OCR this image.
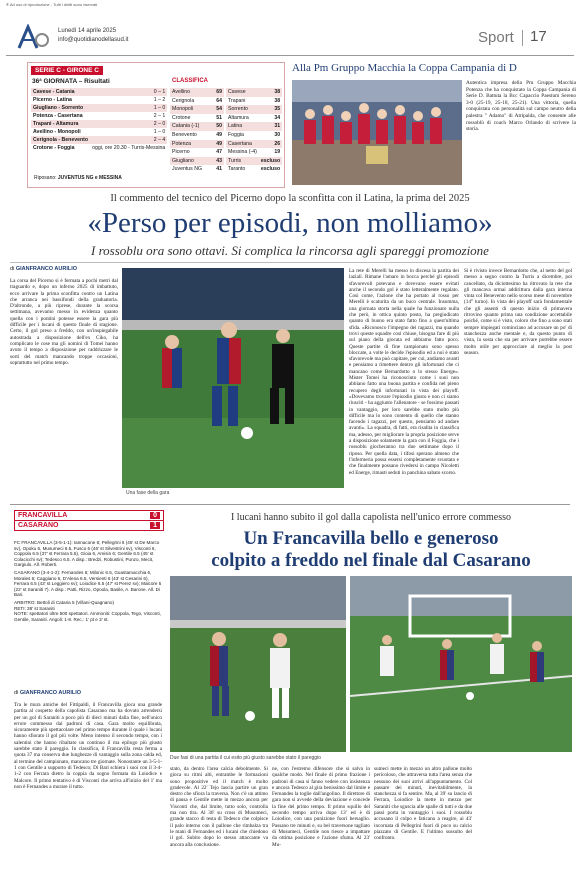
® Ad uso di riproduzione - Tutti i diritti sono riservati
Lunedì 14 aprile 2025
info@quotidianodellasud.it	Sport 17
SERIE C - GIRONE C
36ª GIORNATA – Risultati
Cavese - Catania	0 – 1
Picerno - Latina	1 – 2
Giugliano - Sorrento	1 – 0
Potenza - Casertana	2 – 1
Trapani - Altamura	2 – 0
Avellino - Monopoli	1 – 0
Cerignola - Benevento	2 – 4
Crotone - Foggia	oggi, ore 20.30 - Turris-Messina
Riposano: JUVENTUS NG e MESSINA
CLASSIFICA
Avellino	69
Cerignola	64
Monopoli	54
Crotone	51
Catania (-1)	50
Benevento	49
Potenza	49
Picerno	47
Giugliano	43
Juventus NG	41
Cavese	38
Trapani	38
Sorrento	35
Altamura	34
Latina	31
Foggia	30
Casertana	26
Messina (-4)	19
Turris	escluso
Taranto	escluso
Alla Pm Gruppo Macchia la Coppa Campania di D
Autentica impresa della Pm Gruppo Macchia Potenza che ha conquistato la Coppa Campania di Serie D. Battuta la Bcc Capaccio Paestum Sereno 3-0 (25-19, 25-18, 25-21). Una vittoria, quella conquistata con personalità sul campo neutro della palestra " Adamo" di Atripalda, che consente alle rossoblù di coach Marco Orlando di scrivere la storia.
Il commento del tecnico del Picerno dopo la sconfitta con il Latina, la prima del 2025
«Perso per episodi, non molliamo»
I rossoblu ora sono ottavi. Si complica la rincorsa agli spareggi promozione
di GIANFRANCO AURILIO
La corsa del Picerno si è fermata a pochi metri dal traguardo e, dopo un inferno 2025 di imbattuto, ecco arrivare la prima sconfitta contro un Latina che arranca nei bassifondi della graduatoria. D'altronde, a più riprese, durante la scorsa settimana, avevamo messo in evidenza quanto quella con i pontini potesse essere la gara più difficile per i lucani di questo finale di stagione. Certo, il gol preso a freddo, con un'inspiegabile autostrada a disposizione dell'ex Ciko, ha complicato le cose ma gli uomini di Tomei hanno avuto il tempo a disposizione per raddrizzare le sorti del match mancando troppe occasioni, soprattutto nel primo tempo.
Una fase della gara
La rete di Merelli ha messo in discesa la partita dei laziali. Rimane l'amaro in bocca perché gli episodi sfavorevoli potevano e dovevano essere evitati anche il secondo gol è stato letteralmente regalato. Così come, l'azione che ha portato al rosso per Merelli è scaturita da un buco centrale. Insomma, una giornata storta nella quale ha funzionato nulla che però, in ottica quinto posto, ha pregiudicato quanto di buono era stato fatto fino a quest'ultima sfida. «Riconosco l'impegno dei ragazzi, ma quando trovi queste squadre così chiuse, bisogna fare di più sul piano della giocata ed abbiamo fatto poco. Queste partite di fine campionato sono spesso bloccate, a volte le decide l'episodio ed a noi è stato sfavorevole ma può capitare, per cui, andiamo avanti e pensiamo a rimettere dentro gli infortunati che ci mancano come Bernardotto o lo stesso Energe». Mister Tomei ha riconosciuto come i suoi non abbiano fatto una buona partita e confida nel pieno recupero degli infortunati in vista dei playoff. «Dovevamo trovare l'episodio giusto e non ci siamo riusciti - ha aggiunto l'allenatore - se fossimo passati in vantaggio, per loro sarebbe stato molto più difficile ma lo sono contento di quello che stanno facendo i ragazzi, per questo, pensiamo ad andare avanti». La squadra, di fatti, era risalita in classifica ma, adesso, per migliorare la propria posizione serve a disposizione solamente la gara con il Foggia, che i rossoblu giocheranno tra due settimane dopo il riposo. Per quella data, i tifosi sperano almeno che l'infermeria possa essersi completamente svuotata e che finalmente possano rivedersi in campo Nicoletti ed Energe, rimasti seduti in panchina sabato scorso.
Sì è rivisto invece Bernardotto che, al netto del gol messo a segno contro la Turris a dicembre, poi cancellato, da diciottesimo ha ritrovato la rete che gli mancava ormai addirittura dalla gara interna vinta col Benevento nello scorso mese di novembre (14° turno). In vista dei playoff sarà fondamentale che gli assenti di questo inizio di primavera ritrovino quanto prima una condizione accettabile poiché, come si è visto, coloro che fino a sono stati sempre impiegati cominciano ad accusare un po' di stanchezza anche mentale e, da questo punto di vista, la sosta che sta per arrivare potrebbe essere molto utile per approcciare al meglio la post season.
FRANCAVILLA	0
CASARANO	1
I lucani hanno subito il gol dalla capolista nell'unico errore commesso
Un Francavilla bello e generoso
colpito a freddo nel finale dal Casarano
FC FRANCAVILLA (3-5-1-1): Iannacone 6; Pellegrini 6 (45' st De Marco sv), Opoku 6, Musumeci 6.5, Fusco 6 (46' st Silvestrini sv), Visconti 6, Coppola 6.5 (37' st Ferrara 5.5), Gioia 6, Amisin 6; Gentile 6.5 (45' st Colacicchi sv); Tedesco 6.5. A disp.: Bredzi, Robustini, Punzo, Mecit, Gargiulo. All. Roberti.
CASARANO (3-4-1-2): Fernandes 6; Milonic 6.5, Guastamacchia 6, Morales 6; Caggiano 6, D'Alena 6.5, Versienti 6 (43' st Cesarini 6), Ferrara 6.5 (43' st Leggiero sv); Loiodice 6.5 (47' st Perez sv); Malcore 5 (22' st Saraniti 7). A disp.: Patti, Rizzo, Opoola, Basile, A. Barone. All. Di Bari.
ARBITRO: Bettoli di Cataria 5 (Villani-Quagnano)
RETI: 38' st Saraniti
NOTE: spettatori oltre 500 spettatori. Ammoniti: Coppola, Tego, Visconti, Gentile, Saraniti. Angoli: 1-8. Rec.: 1' pt e 3' st.
di GIANFRANCO AURILIO
Tra le mura amiche del Fittipaldi, il Francavilla gioca una grande partita al cospetto della capolista Casarano ma ha dovuto arrendersi per un gol di Saraniti a poco più di dieci minuti dalla fine, nell'unico errore commesso dai padroni di casa. Gara molto equilibrata, sicuramente più spettacolare nel primo tempo durante il quale i lucani hanno sfiorato il gol più volte. Meno intenso il secondo tempo, con i salentini che hanno ribaltato un continuo il ma epilogo più giusto sarebbe stato il pareggio. In classifica, il Francavilla resta ferma a quota 37 ma conserva due lunghezze di vantaggio sulla zona calda ed, al termine del campionato, mancano tre giornate. Nonostante un 3-5-1-1 con Gentile a supporto di Tedesco; Di Bari schiera i suoi con il 3-4-1-2 con Ferrara dietro la coppia da sogno formata da Loiodice e Malcore. Il primo tentativo è di Visconti che arriva all'inizio del 1' ma non è Fernandes a murare il tutto.
Due fasi di una partita il cui esito più giusto sarebbe stato il pareggio
stato, da dentro l'area calcia debolmente. Si gioca su ritmi alti, entrambe le formazioni sono propositive ed il match è molto gradevole. Al 22' Tejo lascia partire un gran destro che sfiora la traversa. Non c'è un attimo di pausa e Gentile mette in mezzo ancora per Visconti che, dal limite, tutto solo, controlla ma non tira. Al 36' su cross di Musumeci, grande stacco di testa di Tedesco che colpisce il palo interno con il pallone che rimbalza tra le mani di Fernandes ed i lucani che chiedono il gol. Subito dopo lo stesso attaccante va ancora alla conclusione.
ne, con l'estremo difensore che si salva in qualche modo. Nel finale di primo frazione i padroni di casa si fanno vedere con insistenza e ancora Tedesco al gira benissimo dal limite e Fernandes la toglie dall'angolino. Il direttore di gara non si avvede della deviazione e concede la fine del primo tempo. Il primo squillo del secondo tempo arriva dopo 13' ed è di Loiodice, con una punizione fuori bersaglio. Passano tre minuti e, su bel traversone tagliato di Musumeci, Gentile non riesce a impattare da ottima posizione e l'azione sfuma. Al 23' Mu-
sumeci mette in mezzo un altro pallone molto pericoloso, che attraversa tutta l'area senza che nessuno dei suoi arrivi all'appuntamento. Col passare dei minuti, inevitabilmente, la stanchezza si fa sentire. Ma, al 39' su lancio di Ferrara, Loiodice la mette in mezzo per Saraniti che sguscia alle spalle di tutti e da due passi porta in vantaggio i suoi. I rossoblu accusano il colpo e faticano a reagire, ai 43' incornata di Pellegrini fuori di poco su calcio piazzato di Gentile. E l'ultimo sussulto del confronto.
